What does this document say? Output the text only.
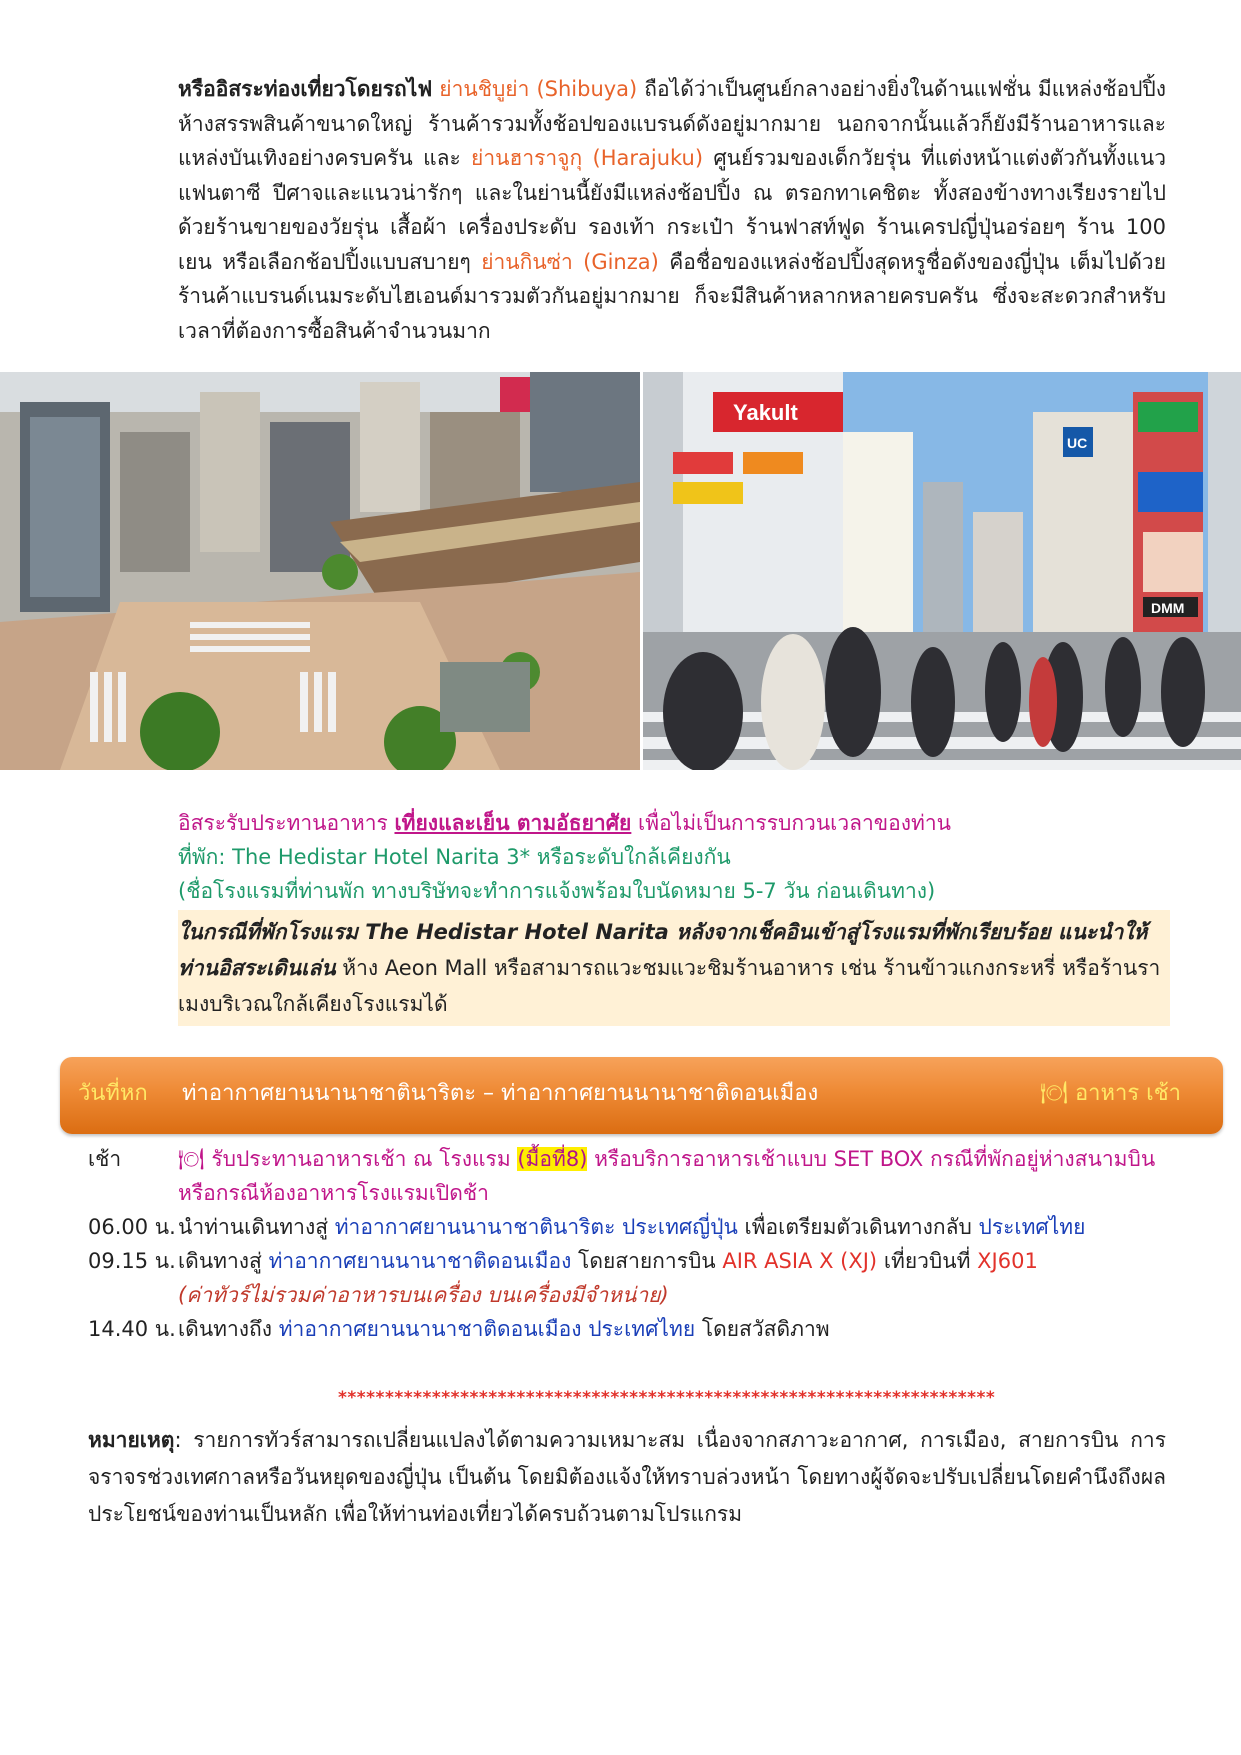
หรืออิสระท่องเที่ยวโดยรถไฟ ย่านชิบูย่า (Shibuya) ถือได้ว่าเป็นศูนย์กลางอย่างยิ่งในด้านแฟชั่น มีแหล่งช้อปปิ้งห้างสรรพสินค้าขนาดใหญ่ ร้านค้ารวมทั้งช้อปของแบรนด์ดังอยู่มากมาย นอกจากนั้นแล้วก็ยังมีร้านอาหารและแหล่งบันเทิงอย่างครบครัน และ ย่านฮาราจูกุ (Harajuku) ศูนย์รวมของเด็กวัยรุ่น ที่แต่งหน้าแต่งตัวกันทั้งแนวแฟนตาซี ปีศาจและแนวน่ารักๆ และในย่านนี้ยังมีแหล่งช้อปปิ้ง ณ ตรอกทาเคชิตะ ทั้งสองข้างทางเรียงรายไปด้วยร้านขายของวัยรุ่น เสื้อผ้า เครื่องประดับ รองเท้า กระเป๋า ร้านฟาสท์ฟูด ร้านเครปญี่ปุ่นอร่อยๆ ร้าน 100 เยน หรือเลือกช้อปปิ้งแบบสบายๆ ย่านกินซ่า (Ginza) คือชื่อของแหล่งช้อปปิ้งสุดหรูชื่อดังของญี่ปุ่น เต็มไปด้วยร้านค้าแบรนด์เนมระดับไฮเอนด์มารวมตัวกันอยู่มากมาย ก็จะมีสินค้าหลากหลายครบครัน ซึ่งจะสะดวกสำหรับเวลาที่ต้องการซื้อสินค้าจำนวนมาก
Yakult
UC
DMM
อิสระรับประทานอาหาร เที่ยงและเย็น ตามอัธยาศัย เพื่อไม่เป็นการรบกวนเวลาของท่าน
ที่พัก: The Hedistar Hotel Narita 3* หรือระดับใกล้เคียงกัน
(ชื่อโรงแรมที่ท่านพัก ทางบริษัทจะทำการแจ้งพร้อมใบนัดหมาย 5-7 วัน ก่อนเดินทาง)
ในกรณีที่พักโรงแรม The Hedistar Hotel Narita หลังจากเช็คอินเข้าสู่โรงแรมที่พักเรียบร้อย แนะนำให้ท่านอิสระเดินเล่น ห้าง Aeon Mall หรือสามารถแวะชมแวะชิมร้านอาหาร เช่น ร้านข้าวแกงกระหรี่ หรือร้านราเมงบริเวณใกล้เคียงโรงแรมได้
วันที่หก ท่าอากาศยานนานาชาตินาริตะ – ท่าอากาศยานนานาชาติดอนเมือง	🍽 อาหาร เช้า
เช้า	🍽 รับประทานอาหารเช้า ณ โรงแรม (มื้อที่8) หรือบริการอาหารเช้าแบบ SET BOX กรณีที่พักอยู่ห่างสนามบินหรือกรณีห้องอาหารโรงแรมเปิดช้า
06.00 น. นำท่านเดินทางสู่ ท่าอากาศยานนานาชาตินาริตะ ประเทศญี่ปุ่น เพื่อเตรียมตัวเดินทางกลับ ประเทศไทย
09.15 น. เดินทางสู่ ท่าอากาศยานนานาชาติดอนเมือง โดยสายการบิน AIR ASIA X (XJ) เที่ยวบินที่ XJ601
(ค่าทัวร์ไม่รวมค่าอาหารบนเครื่อง บนเครื่องมีจำหน่าย)
14.40 น. เดินทางถึง ท่าอากาศยานนานาชาติดอนเมือง ประเทศไทย โดยสวัสดิภาพ
**********************************************************************
หมายเหตุ: รายการทัวร์สามารถเปลี่ยนแปลงได้ตามความเหมาะสม เนื่องจากสภาวะอากาศ, การเมือง, สายการบิน การจราจรช่วงเทศกาลหรือวันหยุดของญี่ปุ่น เป็นต้น โดยมิต้องแจ้งให้ทราบล่วงหน้า โดยทางผู้จัดจะปรับเปลี่ยนโดยคำนึงถึงผลประโยชน์ของท่านเป็นหลัก เพื่อให้ท่านท่องเที่ยวได้ครบถ้วนตามโปรแกรม
